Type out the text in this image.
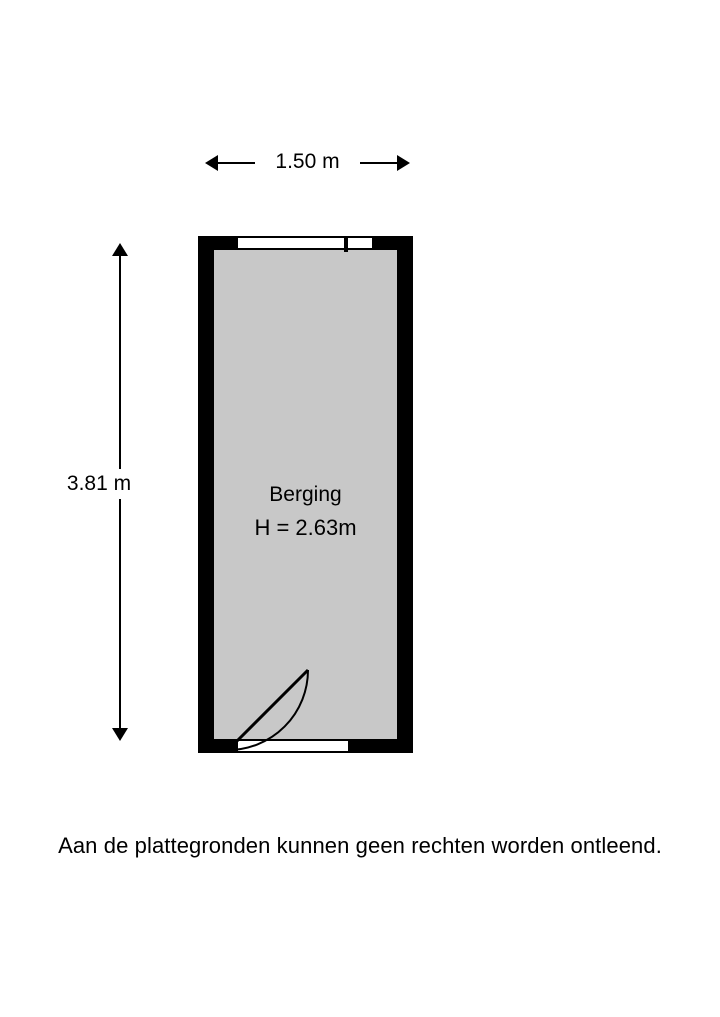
1.50 m
3.81 m	Berging
H = 2.63m
Aan de plattegronden kunnen geen rechten worden ontleend.
